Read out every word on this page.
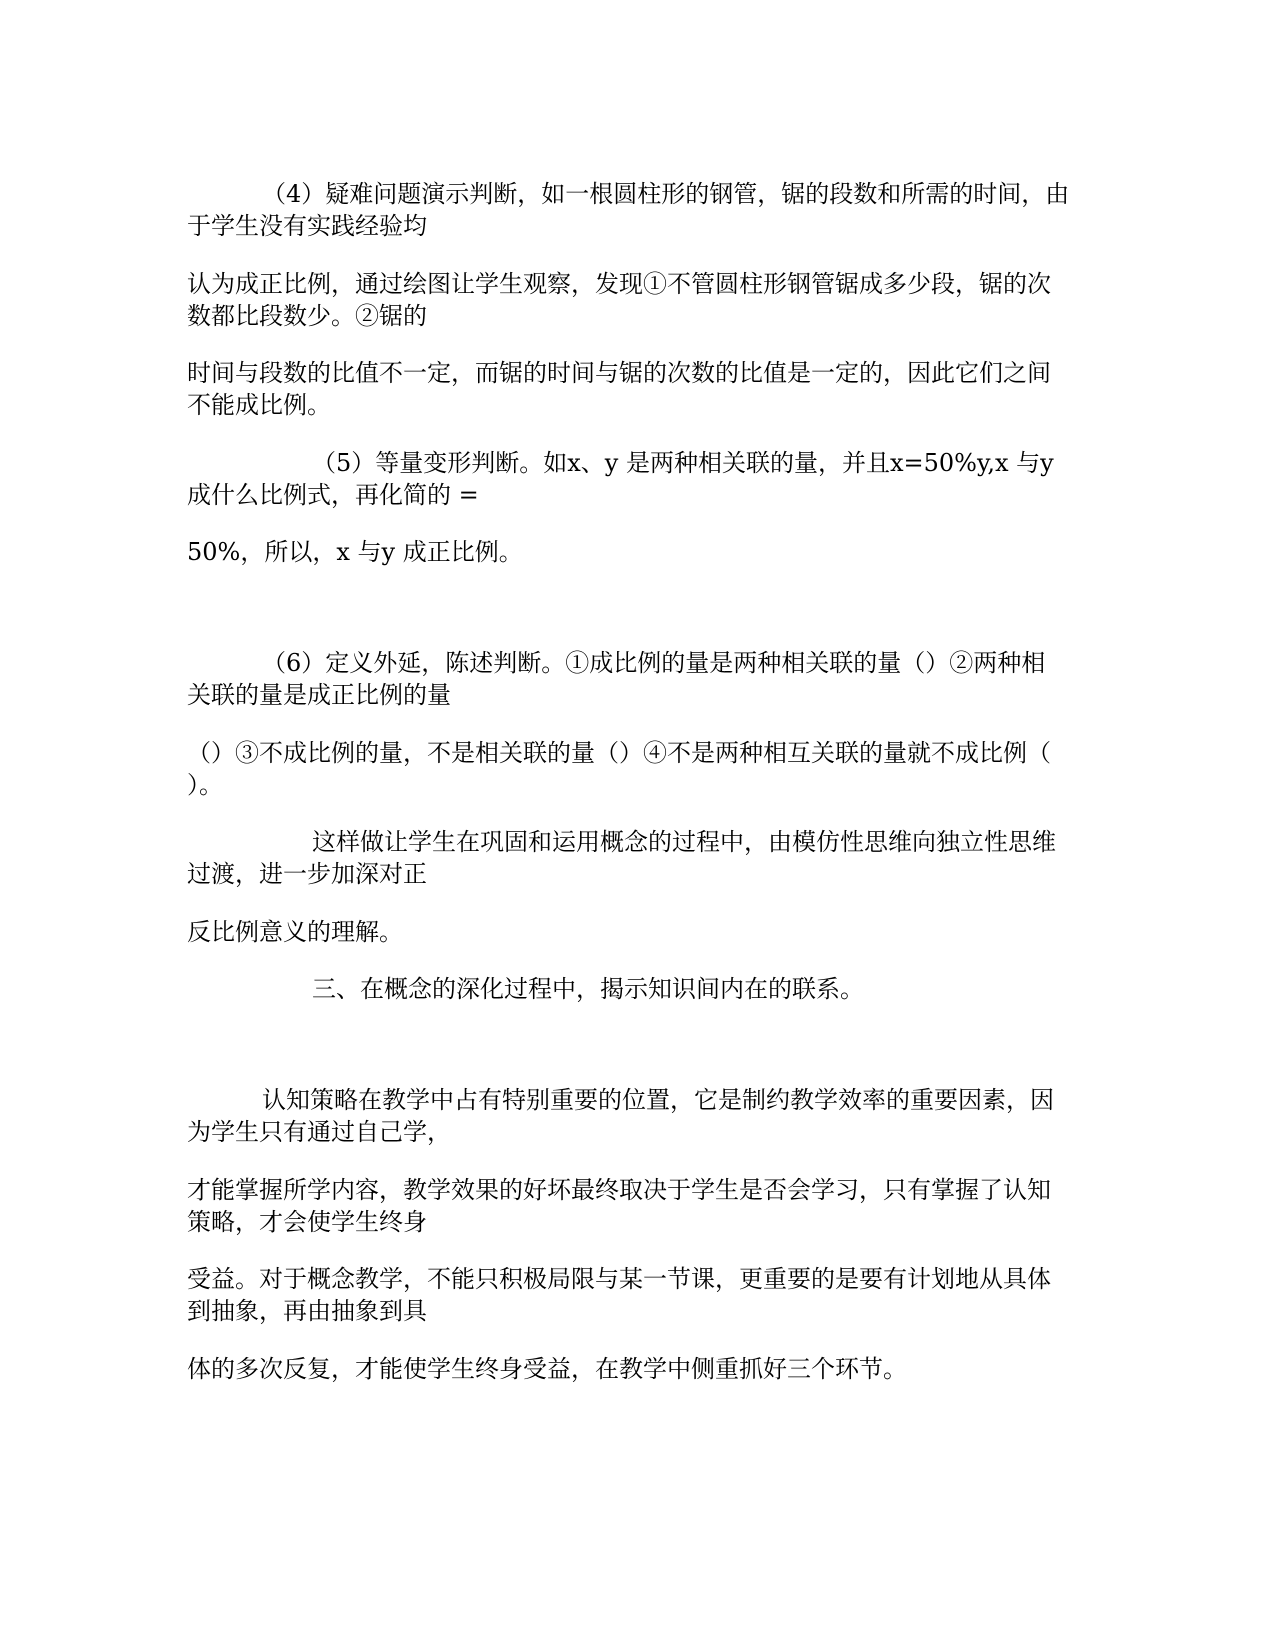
（4）疑难问题演示判断，如一根圆柱形的钢管，锯的段数和所需的时间，由
于学生没有实践经验均
认为成正比例，通过绘图让学生观察，发现①不管圆柱形钢管锯成多少段，锯的次
数都比段数少。②锯的
时间与段数的比值不一定，而锯的时间与锯的次数的比值是一定的，因此它们之间
不能成比例。
（5）等量变形判断。如x、y 是两种相关联的量，并且x=50%y,x 与y
成什么比例式，再化简的 =
50%，所以，x 与y 成正比例。
（6）定义外延，陈述判断。①成比例的量是两种相关联的量（）②两种相
关联的量是成正比例的量
（）③不成比例的量，不是相关联的量（）④不是两种相互关联的量就不成比例（
）。
这样做让学生在巩固和运用概念的过程中，由模仿性思维向独立性思维
过渡，进一步加深对正
反比例意义的理解。
三、在概念的深化过程中，揭示知识间内在的联系。
认知策略在教学中占有特别重要的位置，它是制约教学效率的重要因素，因
为学生只有通过自己学，
才能掌握所学内容，教学效果的好坏最终取决于学生是否会学习，只有掌握了认知
策略，才会使学生终身
受益。对于概念教学，不能只积极局限与某一节课，更重要的是要有计划地从具体
到抽象，再由抽象到具
体的多次反复，才能使学生终身受益，在教学中侧重抓好三个环节。
